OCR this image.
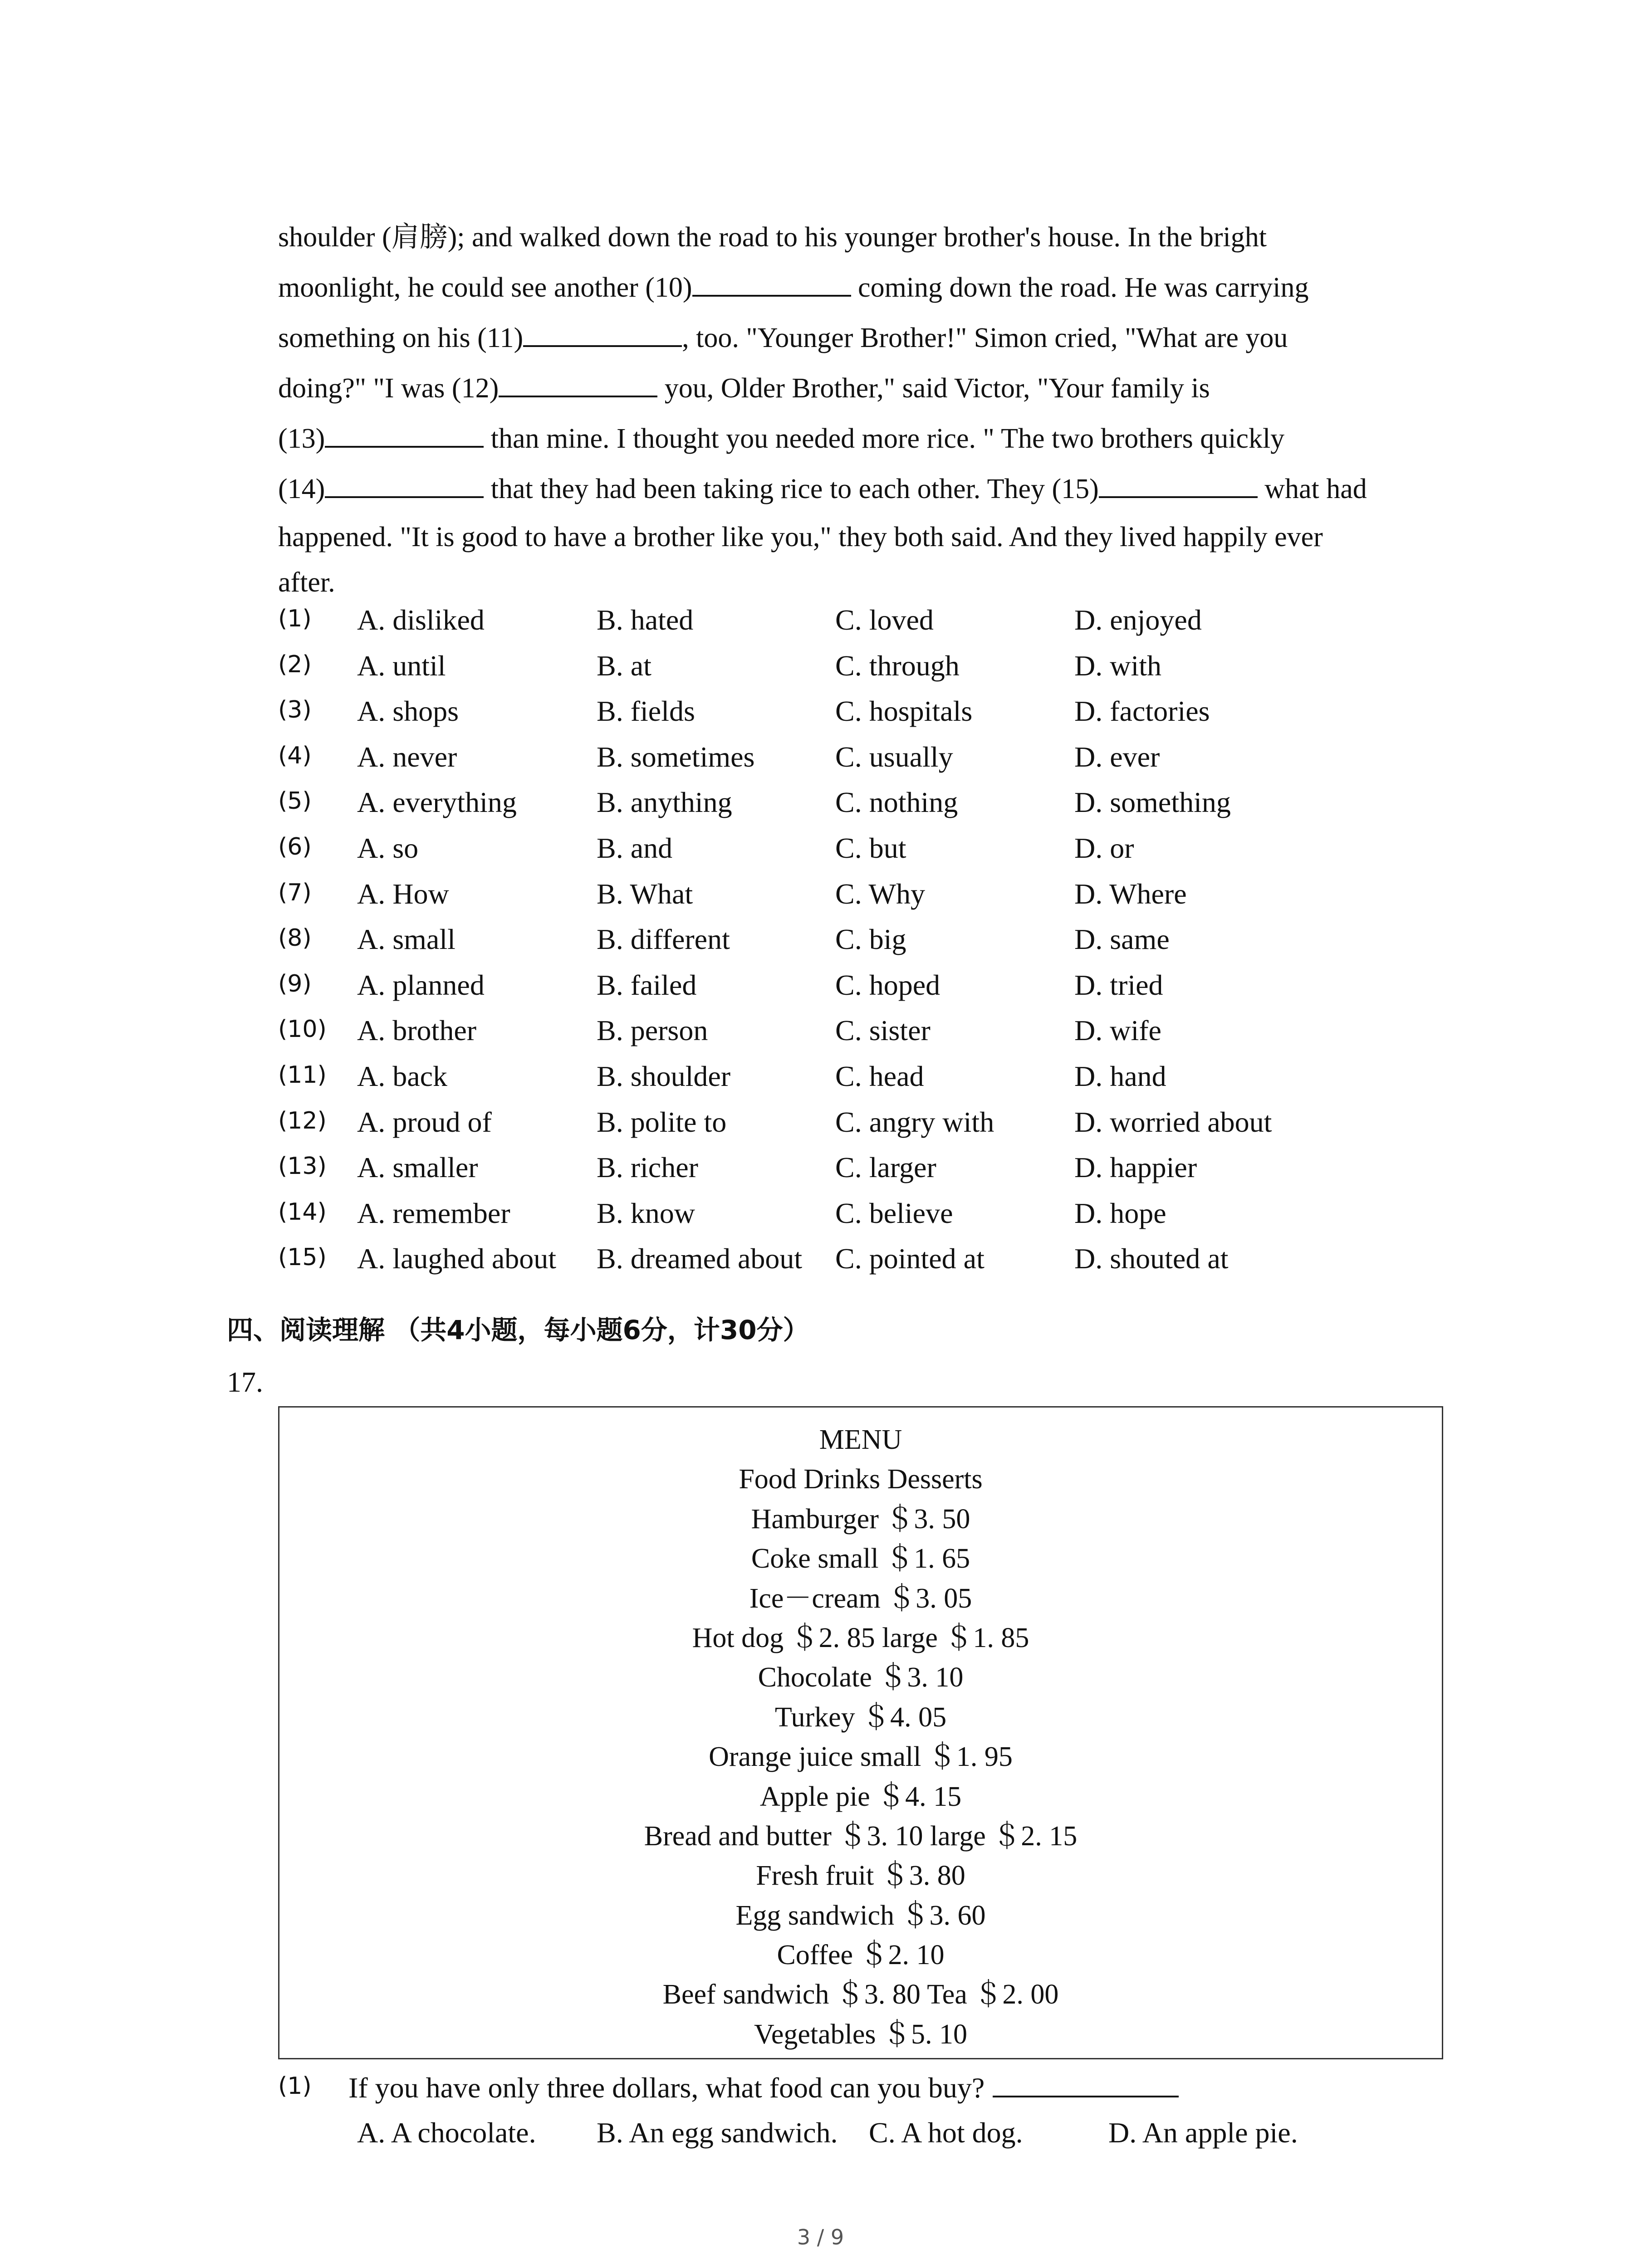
shoulder (肩膀); and walked down the road to his younger brother's house. In the bright
moonlight, he could see another (10)	coming down the road. He was carrying
something on his (11)	, too. "Younger Brother!" Simon cried, "What are you
doing?" "I was (12)	you, Older Brother," said Victor, "Your family is
(13)	than mine. I thought you needed more rice. " The two brothers quickly
(14)	that they had been taking rice to each other. They (15)	what had
happened. "It is good to have a brother like you," they both said. And they lived happily ever
after.
(1) A. disliked	B. hated	C. loved	D. enjoyed
(2) A. until	B. at	C. through	D. with
(3) A. shops	B. fields	C. hospitals	D. factories
(4) A. never	B. sometimes	C. usually	D. ever
(5) A. everything	B. anything	C. nothing	D. something
(6) A. so	B. and	C. but	D. or
(7) A. How	B. What	C. Why	D. Where
(8) A. small	B. different	C. big	D. same
(9) A. planned	B. failed	C. hoped	D. tried
(10) A. brother	B. person	C. sister	D. wife
(11) A. back	B. shoulder	C. head	D. hand
(12) A. proud of	B. polite to	C. angry with	D. worried about
(13) A. smaller	B. richer	C. larger	D. happier
(14) A. remember	B. know	C. believe	D. hope
(15) A. laughed about B. dreamed about C. pointed at	D. shouted at
四、阅读理解 （共4小题，每小题6分，计30分）
17.
MENU
Food Drinks Desserts
Hamburger ＄3. 50
Coke small ＄1. 65
Ice－cream ＄3. 05
Hot dog ＄2. 85 large ＄1. 85
Chocolate ＄3. 10
Turkey ＄4. 05
Orange juice small ＄1. 95
Apple pie ＄4. 15
Bread and butter ＄3. 10 large ＄2. 15
Fresh fruit ＄3. 80
Egg sandwich ＄3. 60
Coffee ＄2. 10
Beef sandwich ＄3. 80 Tea ＄2. 00
Vegetables ＄5. 10
(1) If you have only three dollars, what food can you buy?
A. A chocolate. B. An egg sandwich. C. A hot dog.	D. An apple pie.
3 / 9
